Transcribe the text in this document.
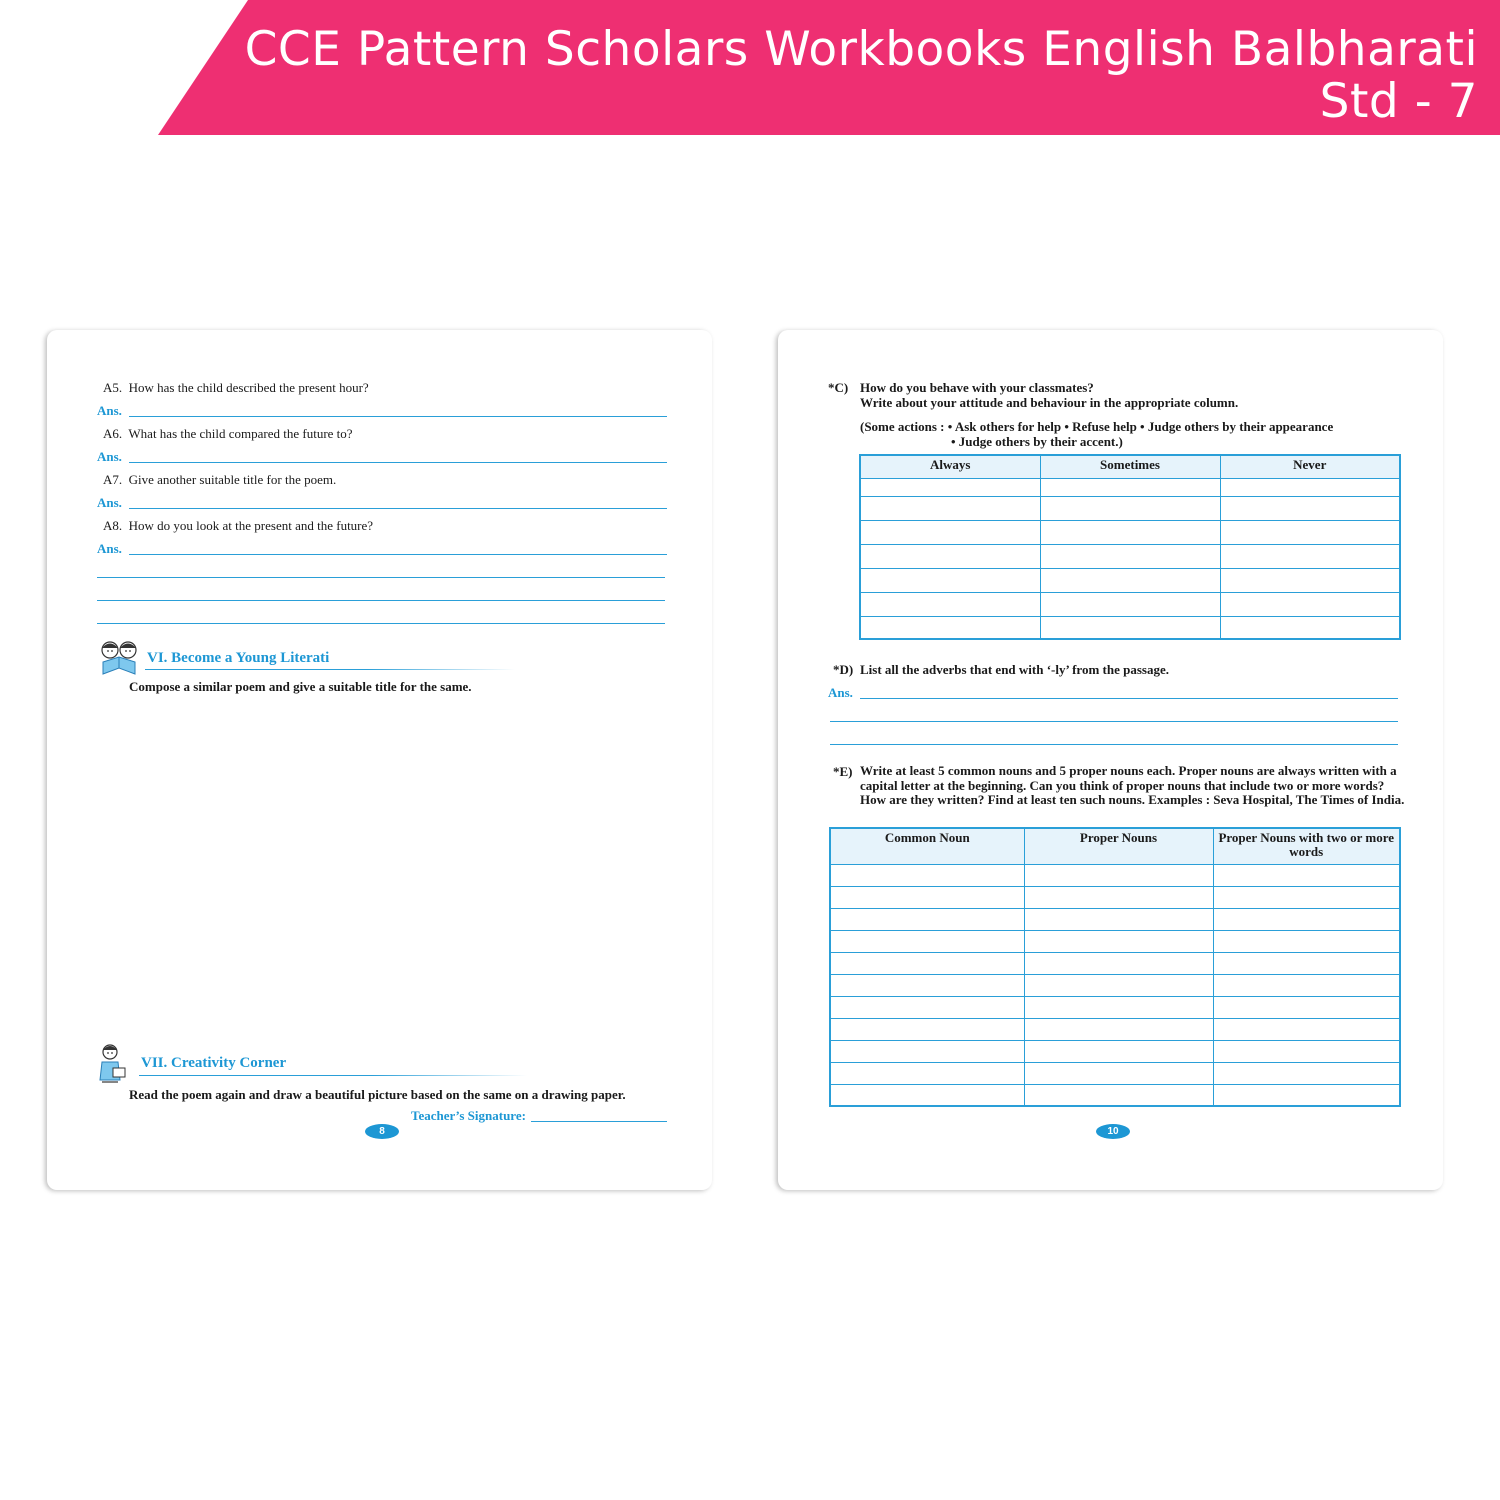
CCE Pattern Scholars Workbooks English Balbharati
Std - 7
A5. How has the child described the present hour?
Ans.
A6. What has the child compared the future to?
Ans.
A7. Give another suitable title for the poem.
Ans.
A8. How do you look at the present and the future?
Ans.
VI. Become a Young Literati
Compose a similar poem and give a suitable title for the same.
VII. Creativity Corner
Read the poem again and draw a beautiful picture based on the same on a drawing paper.
Teacher’s Signature:
8
*C) How do you behave with your classmates?
Write about your attitude and behaviour in the appropriate column.
(Some actions : • Ask others for help • Refuse help • Judge others by their appearance
• Judge others by their accent.)
Always	Sometimes	Never

*D) List all the adverbs that end with ‘-ly’ from the passage.
Ans.
*E) Write at least 5 common nouns and 5 proper nouns each. Proper nouns are always written with a capital letter at the beginning. Can you think of proper nouns that include two or more words? How are they written? Find at least ten such nouns. Examples : Seva Hospital, The Times of India.
Common Noun	Proper Nouns	Proper Nouns with two or more words

10
